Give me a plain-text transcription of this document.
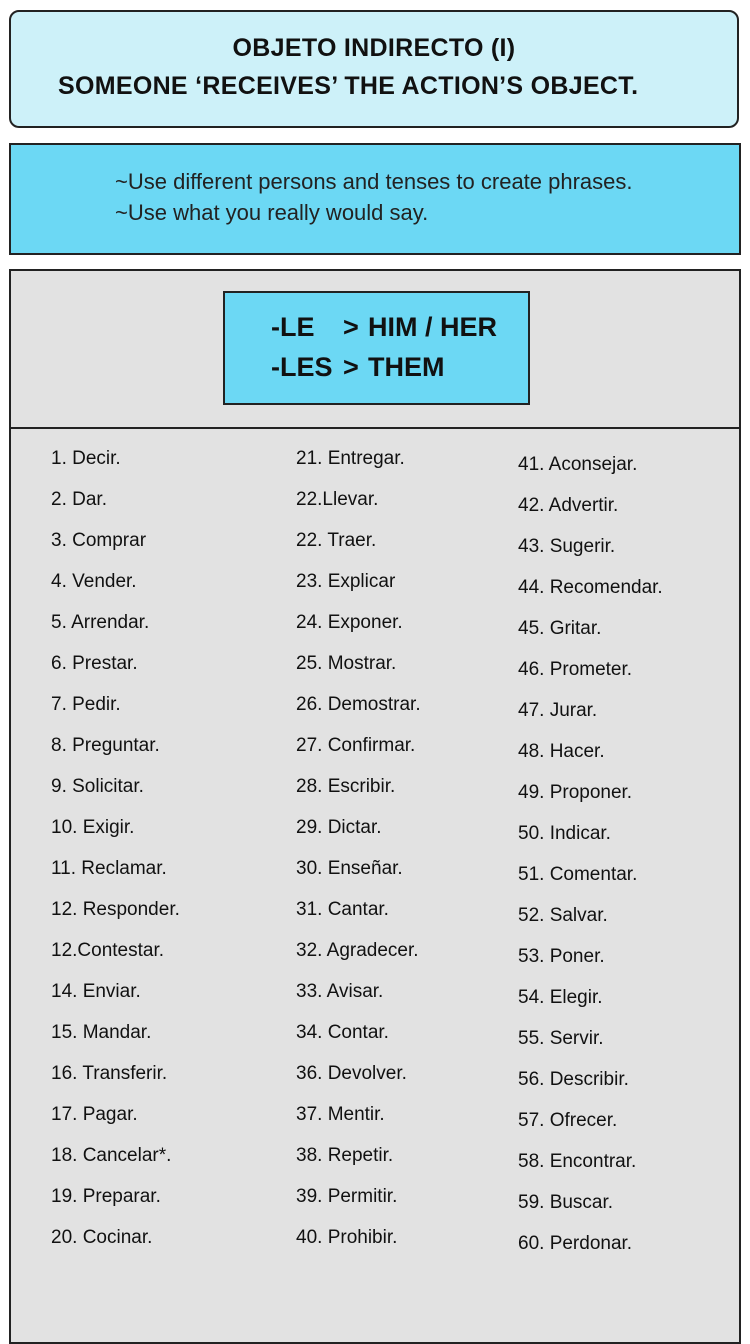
OBJETO INDIRECTO (I)
SOMEONE ‘RECEIVES’ THE ACTION’S OBJECT.
~Use different persons and tenses to create phrases.
~Use what you really would say.
-LE > HIM / HER
-LES > THEM
1. Decir.
2. Dar.
3. Comprar
4. Vender.
5. Arrendar.
6. Prestar.
7. Pedir.
8. Preguntar.
9. Solicitar.
10. Exigir.
11. Reclamar.
12. Responder.
12.Contestar.
14. Enviar.
15. Mandar.
16. Transferir.
17. Pagar.
18. Cancelar*.
19. Preparar.
20. Cocinar.
21. Entregar.
22.Llevar.
22. Traer.
23. Explicar
24. Exponer.
25. Mostrar.
26. Demostrar.
27. Confirmar.
28. Escribir.
29. Dictar.
30. Enseñar.
31. Cantar.
32. Agradecer.
33. Avisar.
34. Contar.
36. Devolver.
37. Mentir.
38. Repetir.
39. Permitir.
40. Prohibir.
41. Aconsejar.
42. Advertir.
43. Sugerir.
44. Recomendar.
45. Gritar.
46. Prometer.
47. Jurar.
48. Hacer.
49. Proponer.
50. Indicar.
51. Comentar.
52. Salvar.
53. Poner.
54. Elegir.
55. Servir.
56. Describir.
57. Ofrecer.
58. Encontrar.
59. Buscar.
60. Perdonar.
